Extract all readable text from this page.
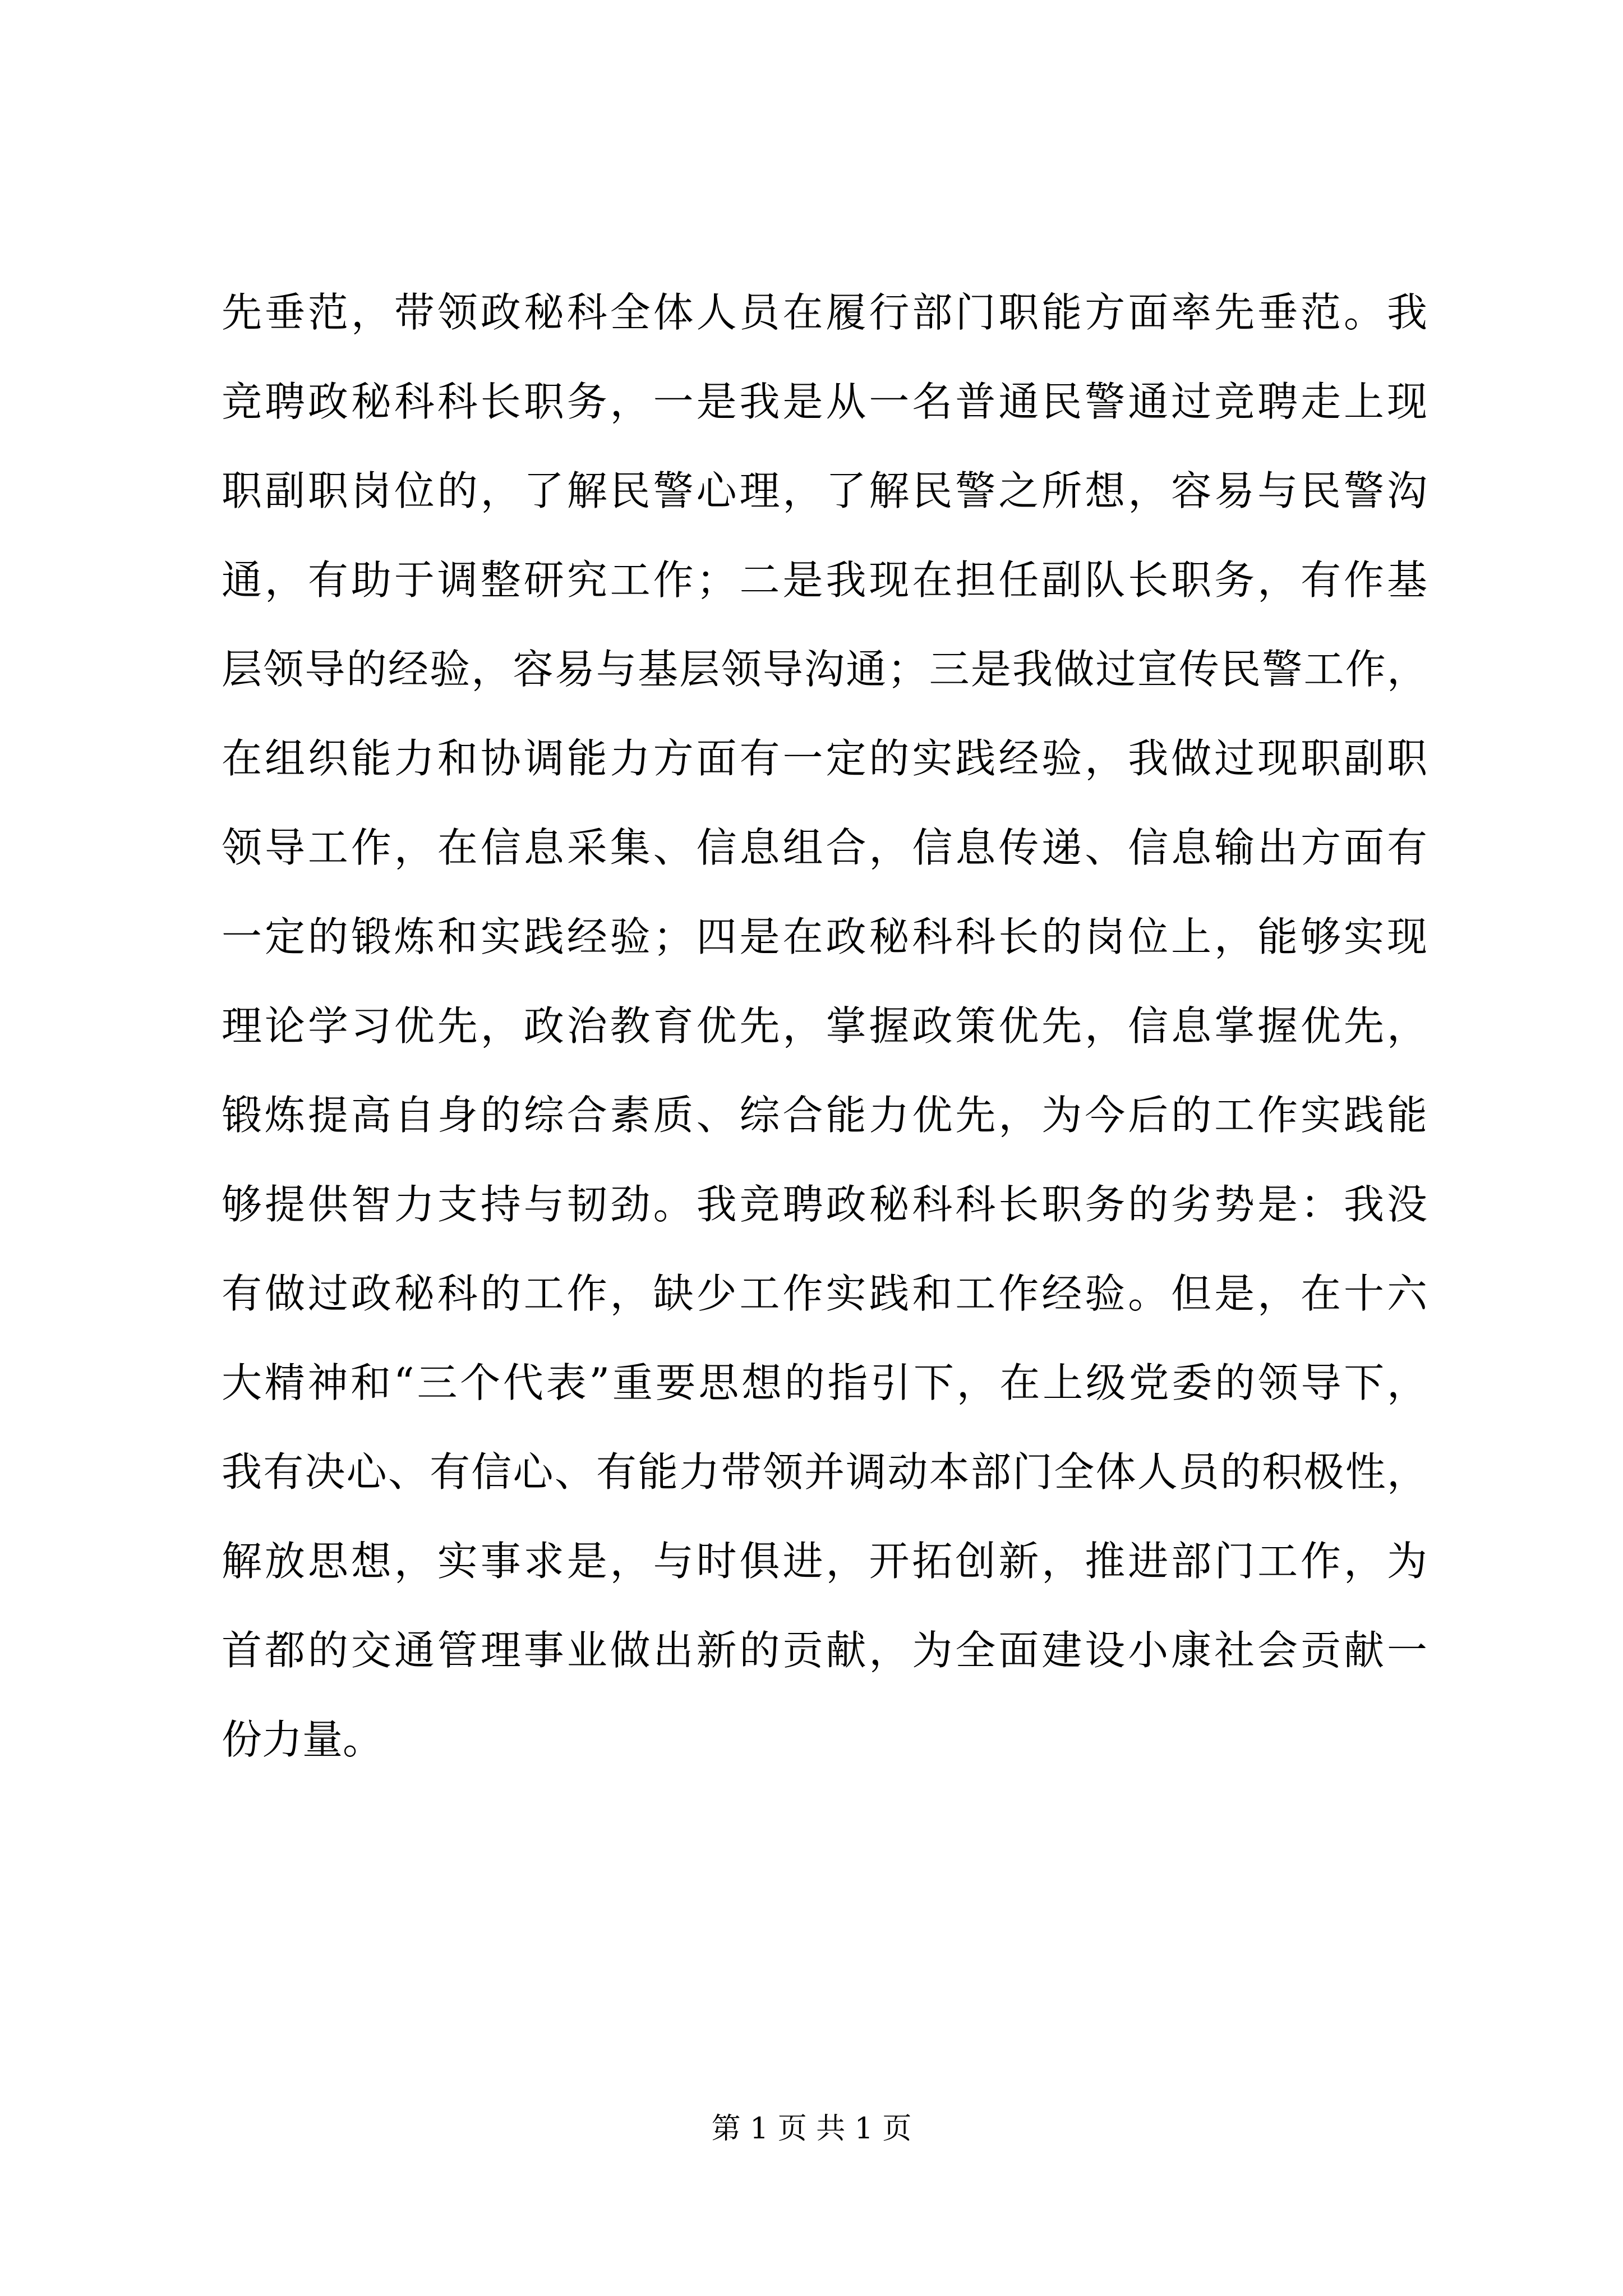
先垂范，带领政秘科全体人员在履行部门职能方面率先垂范。我
竞聘政秘科科长职务，一是我是从一名普通民警通过竞聘走上现
职副职岗位的，了解民警心理，了解民警之所想，容易与民警沟
通，有助于调整研究工作；二是我现在担任副队长职务，有作基
层领导的经验，容易与基层领导沟通；三是我做过宣传民警工作，
在组织能力和协调能力方面有一定的实践经验，我做过现职副职
领导工作，在信息采集、信息组合，信息传递、信息输出方面有
一定的锻炼和实践经验；四是在政秘科科长的岗位上，能够实现
理论学习优先，政治教育优先，掌握政策优先，信息掌握优先，
锻炼提高自身的综合素质、综合能力优先，为今后的工作实践能
够提供智力支持与韧劲。我竞聘政秘科科长职务的劣势是：我没
有做过政秘科的工作，缺少工作实践和工作经验。但是，在十六
大精神和“三个代表”重要思想的指引下，在上级党委的领导下，
我有决心、有信心、有能力带领并调动本部门全体人员的积极性，
解放思想，实事求是，与时俱进，开拓创新，推进部门工作，为
首都的交通管理事业做出新的贡献，为全面建设小康社会贡献一
份力量。
第 1 页 共 1 页
